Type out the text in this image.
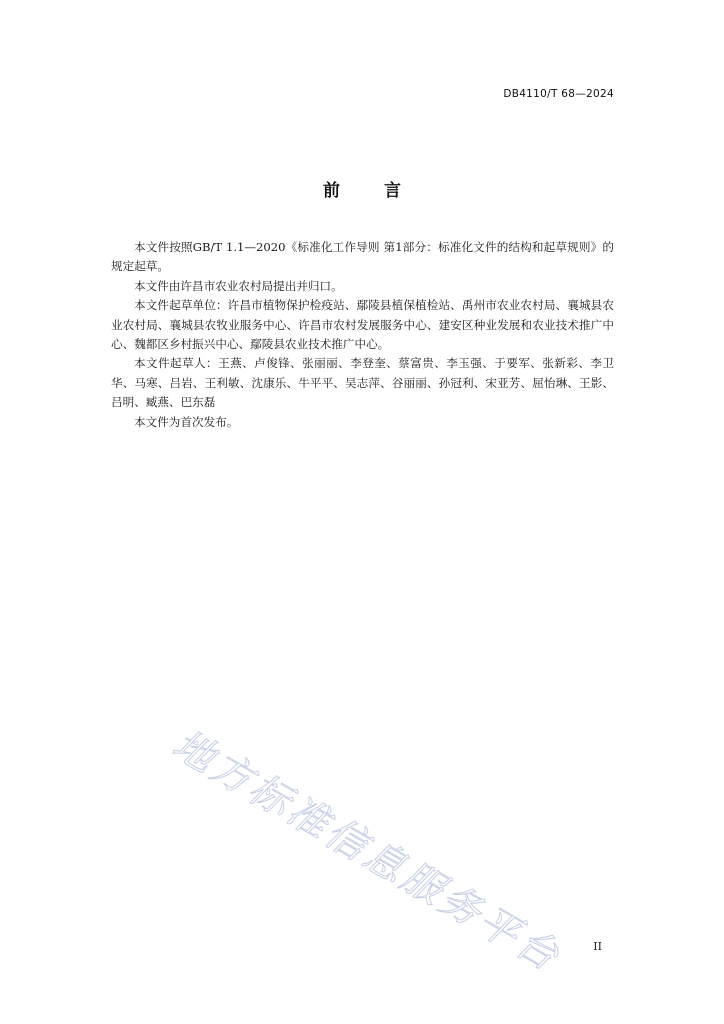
DB4110/T 68—2024
前言

本文件按照GB/T 1.1—2020《标准化工作导则 第1部分：标准化文件的结构和起草规则》的规定起草。

本文件由许昌市农业农村局提出并归口。

本文件起草单位：许昌市植物保护检疫站、鄢陵县植保植检站、禹州市农业农村局、襄城县农业农村局、襄城县农牧业服务中心、许昌市农村发展服务中心、建安区种业发展和农业技术推广中心、魏都区乡村振兴中心、鄢陵县农业技术推广中心。

本文件起草人：王燕、卢俊锋、张丽丽、李登奎、蔡富贵、李玉强、于要军、张新彩、李卫华、马寒、吕岩、王利敏、沈康乐、牛平平、吴志萍、谷丽丽、孙冠利、宋亚芳、屈怡琳、王影、吕明、臧燕、巴东磊

本文件为首次发布。

地方标准信息服务平台	II
